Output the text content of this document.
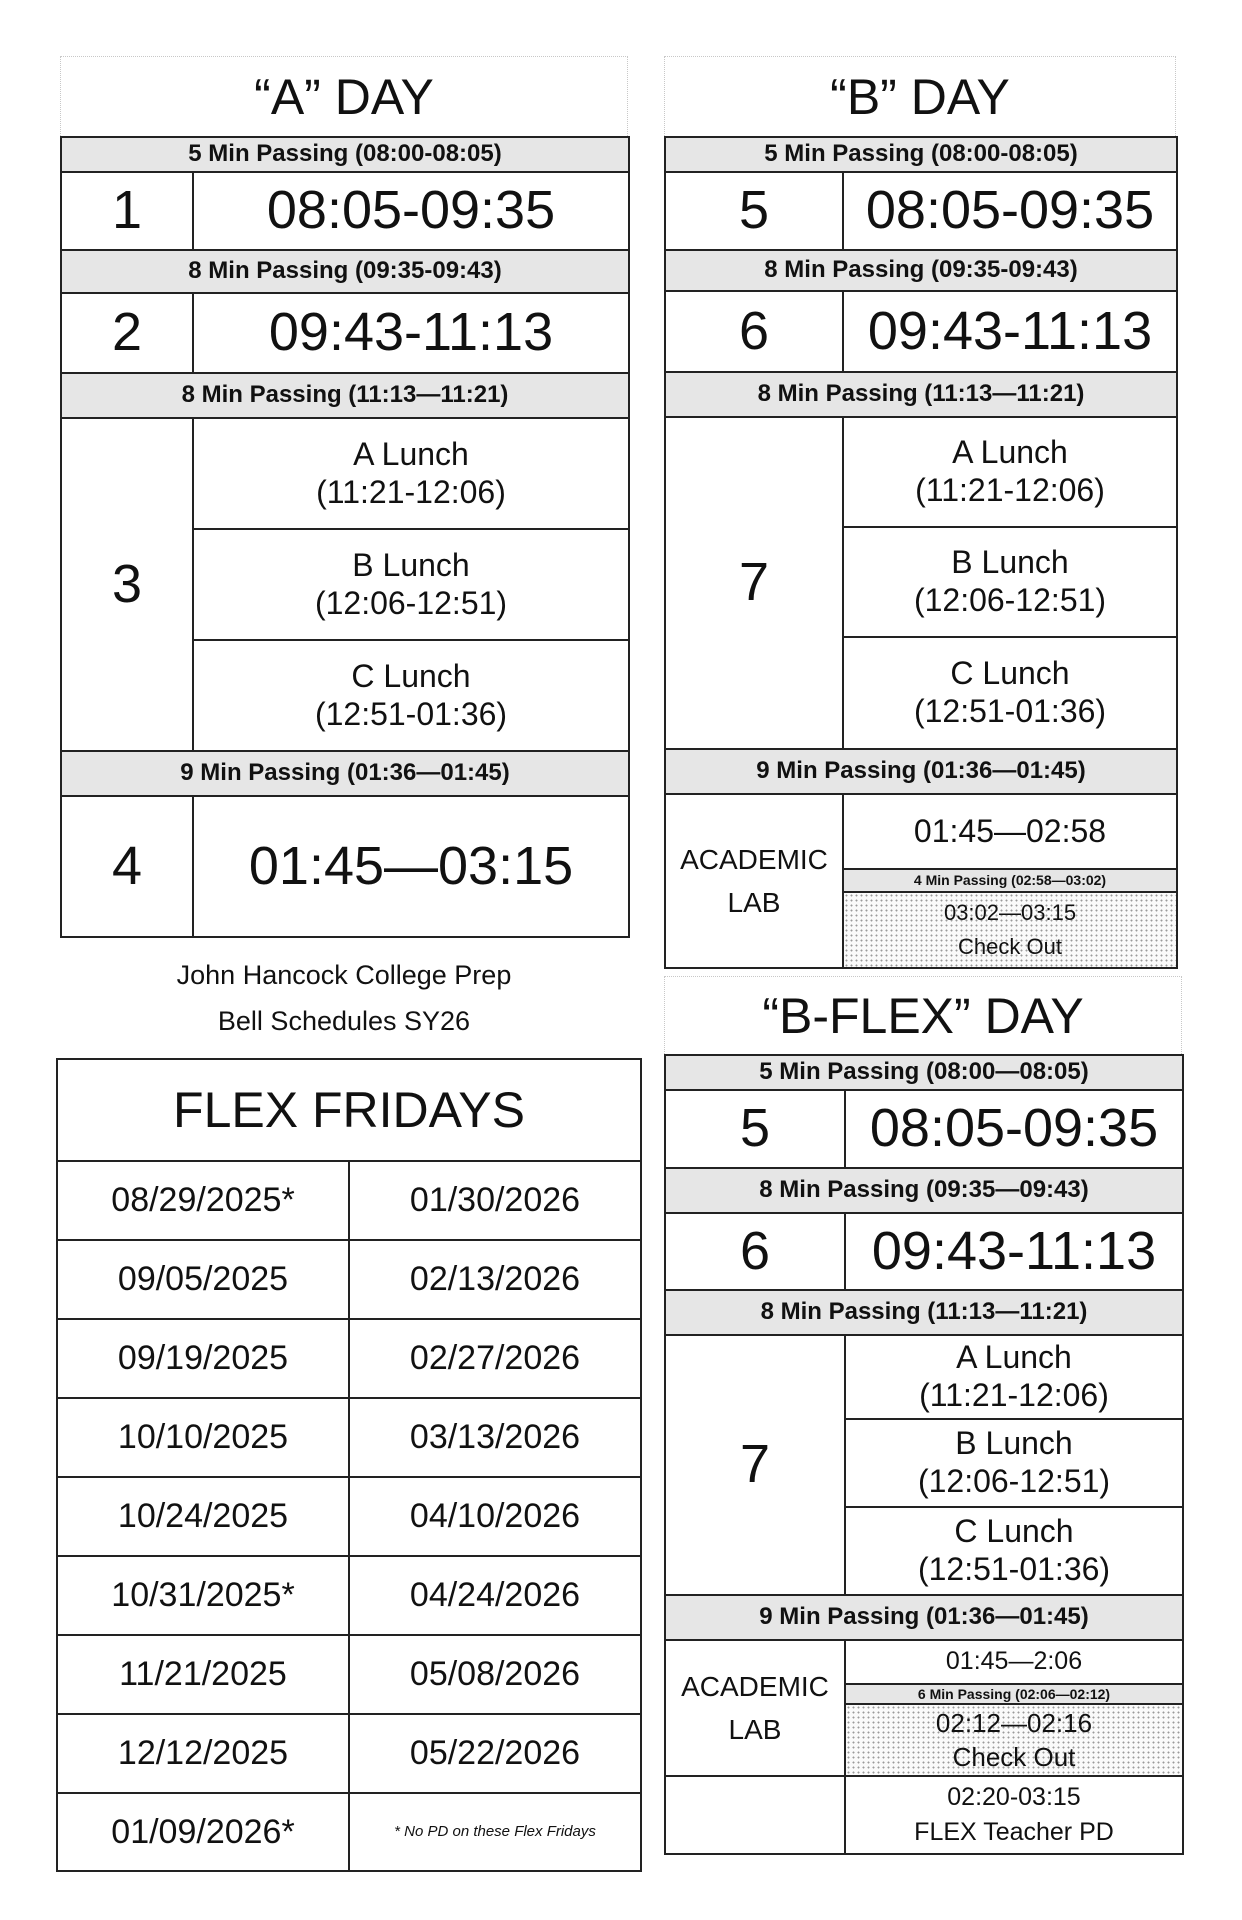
“A” DAY
5 Min Passing (08:00-08:05)	
1	08:05-09:35
8 Min Passing (09:35-09:43)	
2	09:43-11:13
8 Min Passing (11:13—11:21)	
3	A Lunch
(11:21-12:06)

	B Lunch
(12:06-12:51)

	C Lunch
(12:51-01:36)

9 Min Passing (01:36—01:45)	
4	01:45—03:15
John Hancock College Prep
Bell Schedules SY26
“B” DAY
5 Min Passing (08:00-08:05)	
5	08:05-09:35
8 Min Passing (09:35-09:43)	
6	09:43-11:13
8 Min Passing (11:13—11:21)	
7	A Lunch
(11:21-12:06)

	B Lunch
(12:06-12:51)

	C Lunch
(12:51-01:36)

9 Min Passing (01:36—01:45)	

ACADEMIC
LAB	01:45—02:58
	4 Min Passing (02:58—03:02)

	03:02—03:15
Check Out
“B-FLEX” DAY
5 Min Passing (08:00—08:05)	
5	08:05-09:35
8 Min Passing (09:35—09:43)	
6	09:43-11:13
8 Min Passing (11:13—11:21)	
7	A Lunch
(11:21-12:06)

	B Lunch
(12:06-12:51)

	C Lunch
(12:51-01:36)

9 Min Passing (01:36—01:45)	

ACADEMIC
LAB	01:45—2:06
	6 Min Passing (02:06—02:12)

	02:12—02:16
Check Out

	02:20-03:15
FLEX Teacher PD
FLEX FRIDAYS	
08/29/2025*	01/30/2026
09/05/2025	02/13/2026
09/19/2025	02/27/2026
10/10/2025	03/13/2026
10/24/2025	04/10/2026
10/31/2025*	04/24/2026
11/21/2025	05/08/2026
12/12/2025	05/22/2026
01/09/2026*	* No PD on these Flex Fridays
